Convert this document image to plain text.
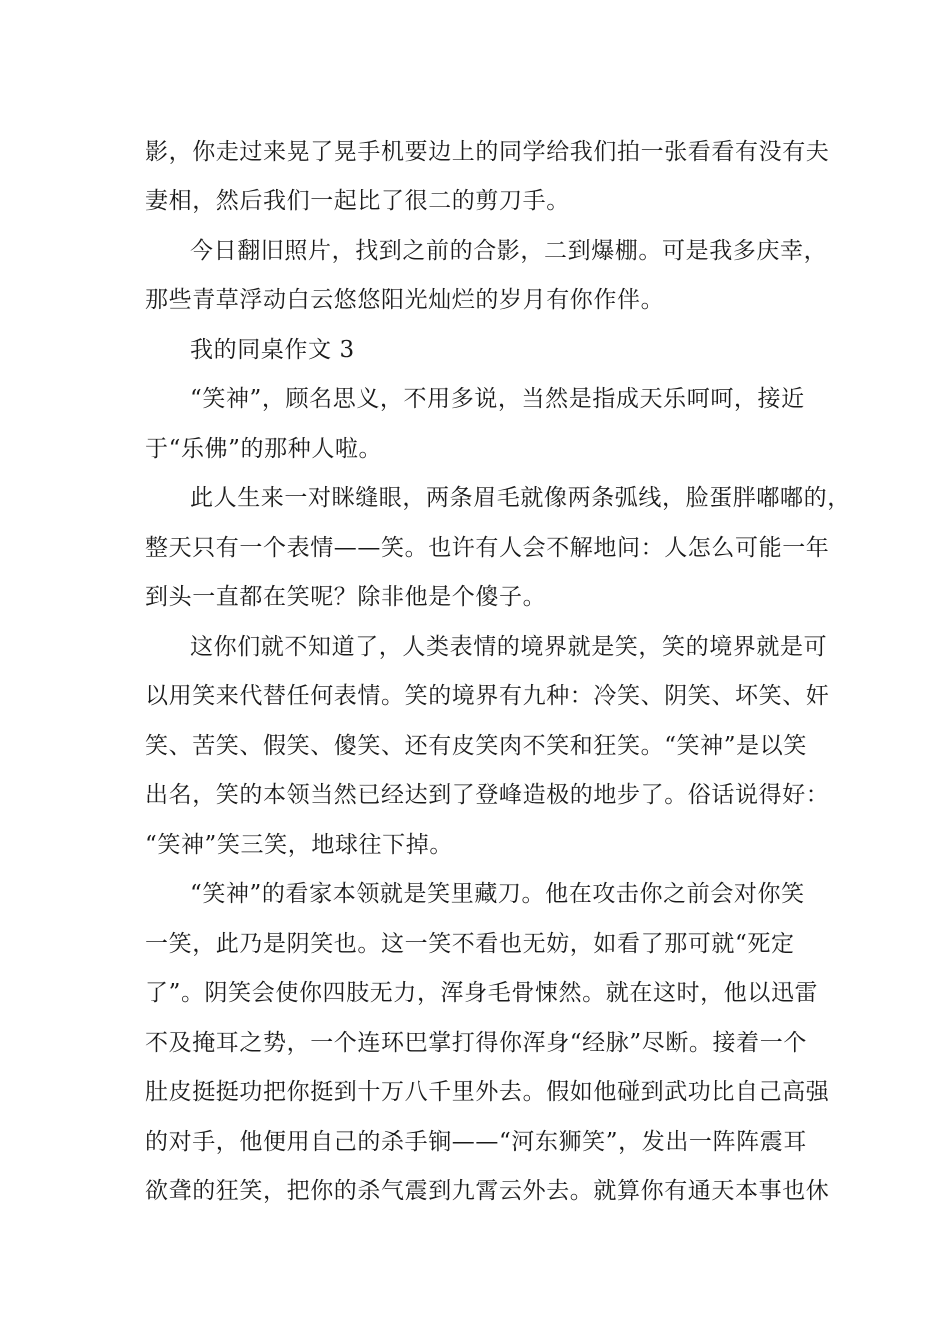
影，你走过来晃了晃手机要边上的同学给我们拍一张看看有没有夫
妻相，然后我们一起比了很二的剪刀手。
今日翻旧照片，找到之前的合影，二到爆棚。可是我多庆幸，
那些青草浮动白云悠悠阳光灿烂的岁月有你作伴。
我的同桌作文 3
“笑神”，顾名思义，不用多说，当然是指成天乐呵呵，接近
于“乐佛”的那种人啦。
此人生来一对眯缝眼，两条眉毛就像两条弧线，脸蛋胖嘟嘟的，
整天只有一个表情——笑。也许有人会不解地问：人怎么可能一年
到头一直都在笑呢？除非他是个傻子。
这你们就不知道了，人类表情的境界就是笑，笑的境界就是可
以用笑来代替任何表情。笑的境界有九种：冷笑、阴笑、坏笑、奸
笑、苦笑、假笑、傻笑、还有皮笑肉不笑和狂笑。“笑神”是以笑
出名，笑的本领当然已经达到了登峰造极的地步了。俗话说得好：
“笑神”笑三笑，地球往下掉。
“笑神”的看家本领就是笑里藏刀。他在攻击你之前会对你笑
一笑，此乃是阴笑也。这一笑不看也无妨，如看了那可就“死定
了”。阴笑会使你四肢无力，浑身毛骨悚然。就在这时，他以迅雷
不及掩耳之势，一个连环巴掌打得你浑身“经脉”尽断。接着一个
肚皮挺挺功把你挺到十万八千里外去。假如他碰到武功比自己高强
的对手，他便用自己的杀手锏——“河东狮笑”，发出一阵阵震耳
欲聋的狂笑，把你的杀气震到九霄云外去。就算你有通天本事也休
